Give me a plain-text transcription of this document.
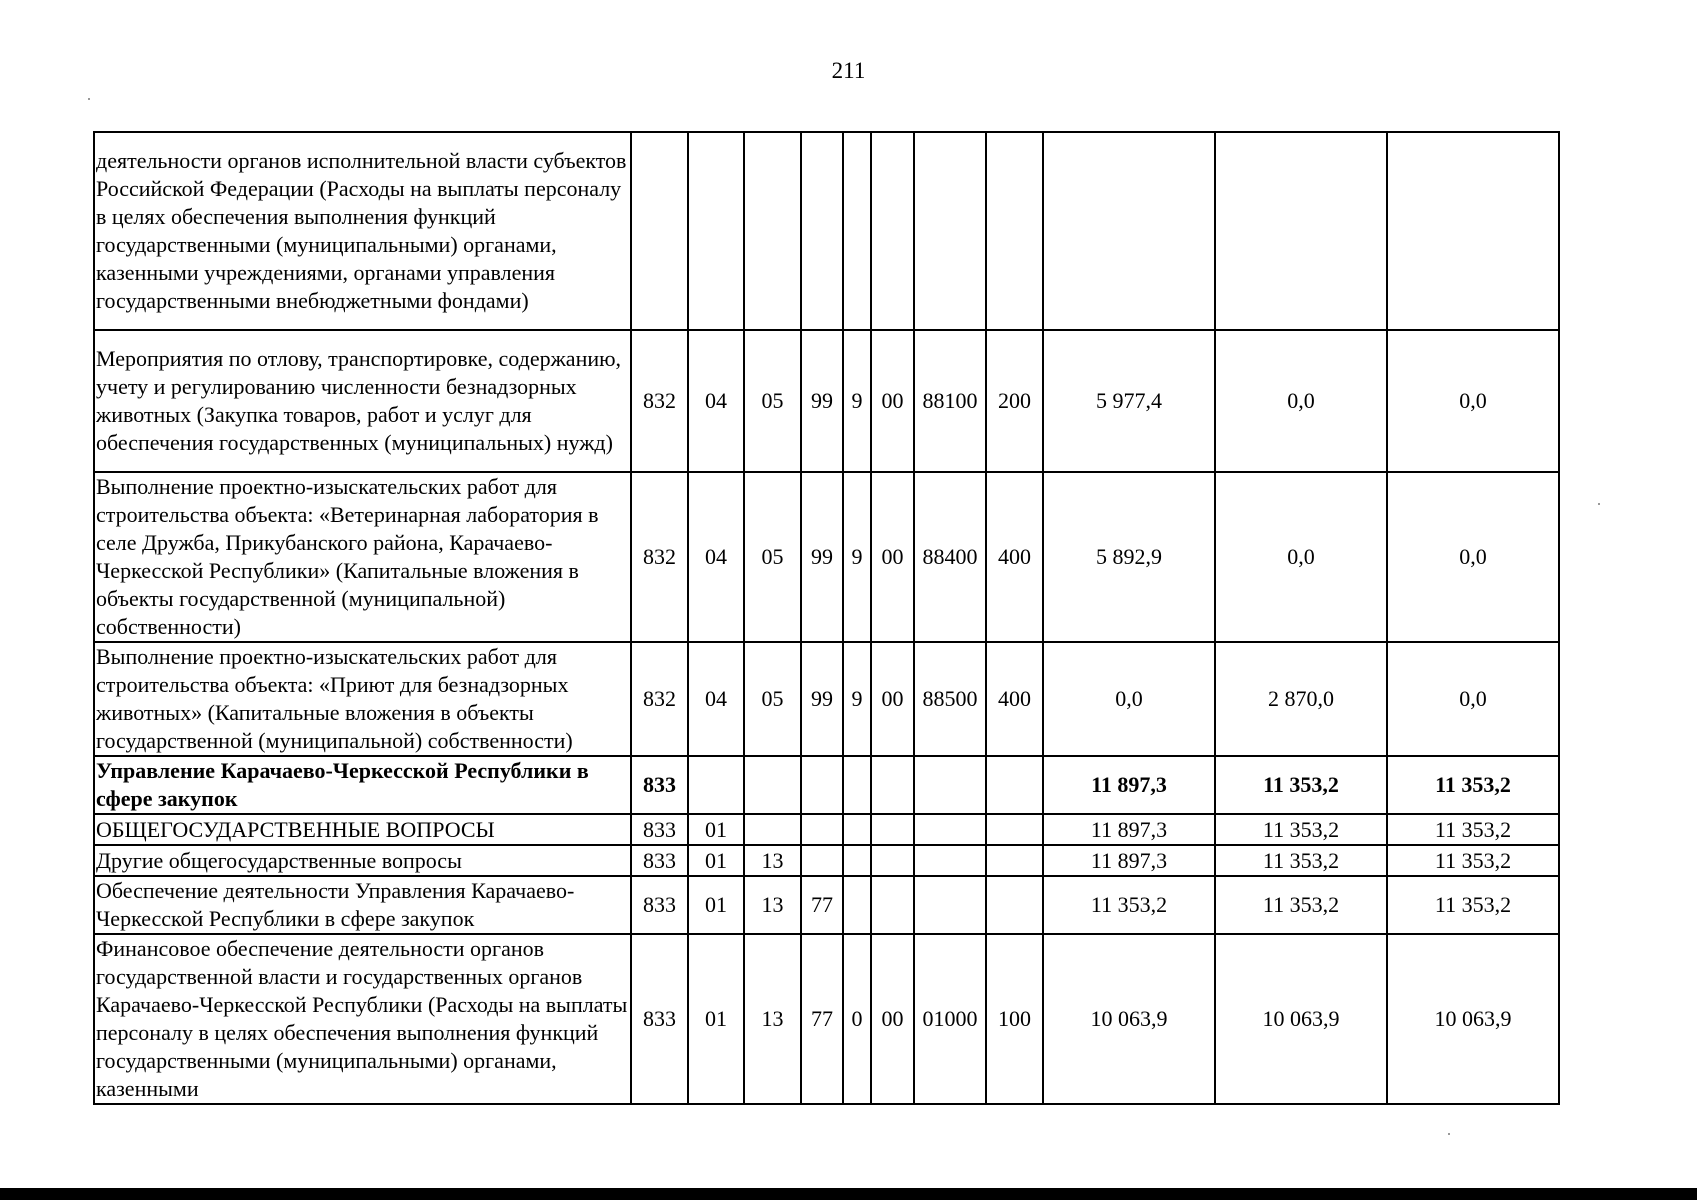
211
деятельности органов исполнительной власти субъектов Российской Федерации (Расходы на выплаты персоналу в целях обеспечения выполнения функций государственными (муниципальными) органами, казенными учреждениями, органами управления государственными внебюджетными фондами)											
Мероприятия по отлову, транспортировке, содержанию, учету и регулированию численности безнадзорных животных (Закупка товаров, работ и услуг для обеспечения государственных (муниципальных) нужд)	832	04	05	99	9	00	88100	200	5 977,4	0,0	0,0
Выполнение проектно-изыскательских работ для строительства объекта: «Ветеринарная лаборатория в селе Дружба, Прикубанского района, Карачаево-Черкесской Республики» (Капитальные вложения в объекты государственной (муниципальной) собственности)	832	04	05	99	9	00	88400	400	5 892,9	0,0	0,0
Выполнение проектно-изыскательских работ для строительства объекта: «Приют для безнадзорных животных» (Капитальные вложения в объекты государственной (муниципальной) собственности)	832	04	05	99	9	00	88500	400	0,0	2 870,0	0,0
Управление Карачаево-Черкесской Республики в сфере закупок	833								11 897,3	11 353,2	11 353,2
ОБЩЕГОСУДАРСТВЕННЫЕ ВОПРОСЫ	833	01							11 897,3	11 353,2	11 353,2
Другие общегосударственные вопросы	833	01	13						11 897,3	11 353,2	11 353,2
Обеспечение деятельности Управления Карачаево-Черкесской Республики в сфере закупок	833	01	13	77					11 353,2	11 353,2	11 353,2
Финансовое обеспечение деятельности органов государственной власти и государственных органов Карачаево-Черкесской Республики (Расходы на выплаты персоналу в целях обеспечения выполнения функций государственными (муниципальными) органами, казенными	833	01	13	77	0	00	01000	100	10 063,9	10 063,9	10 063,9
